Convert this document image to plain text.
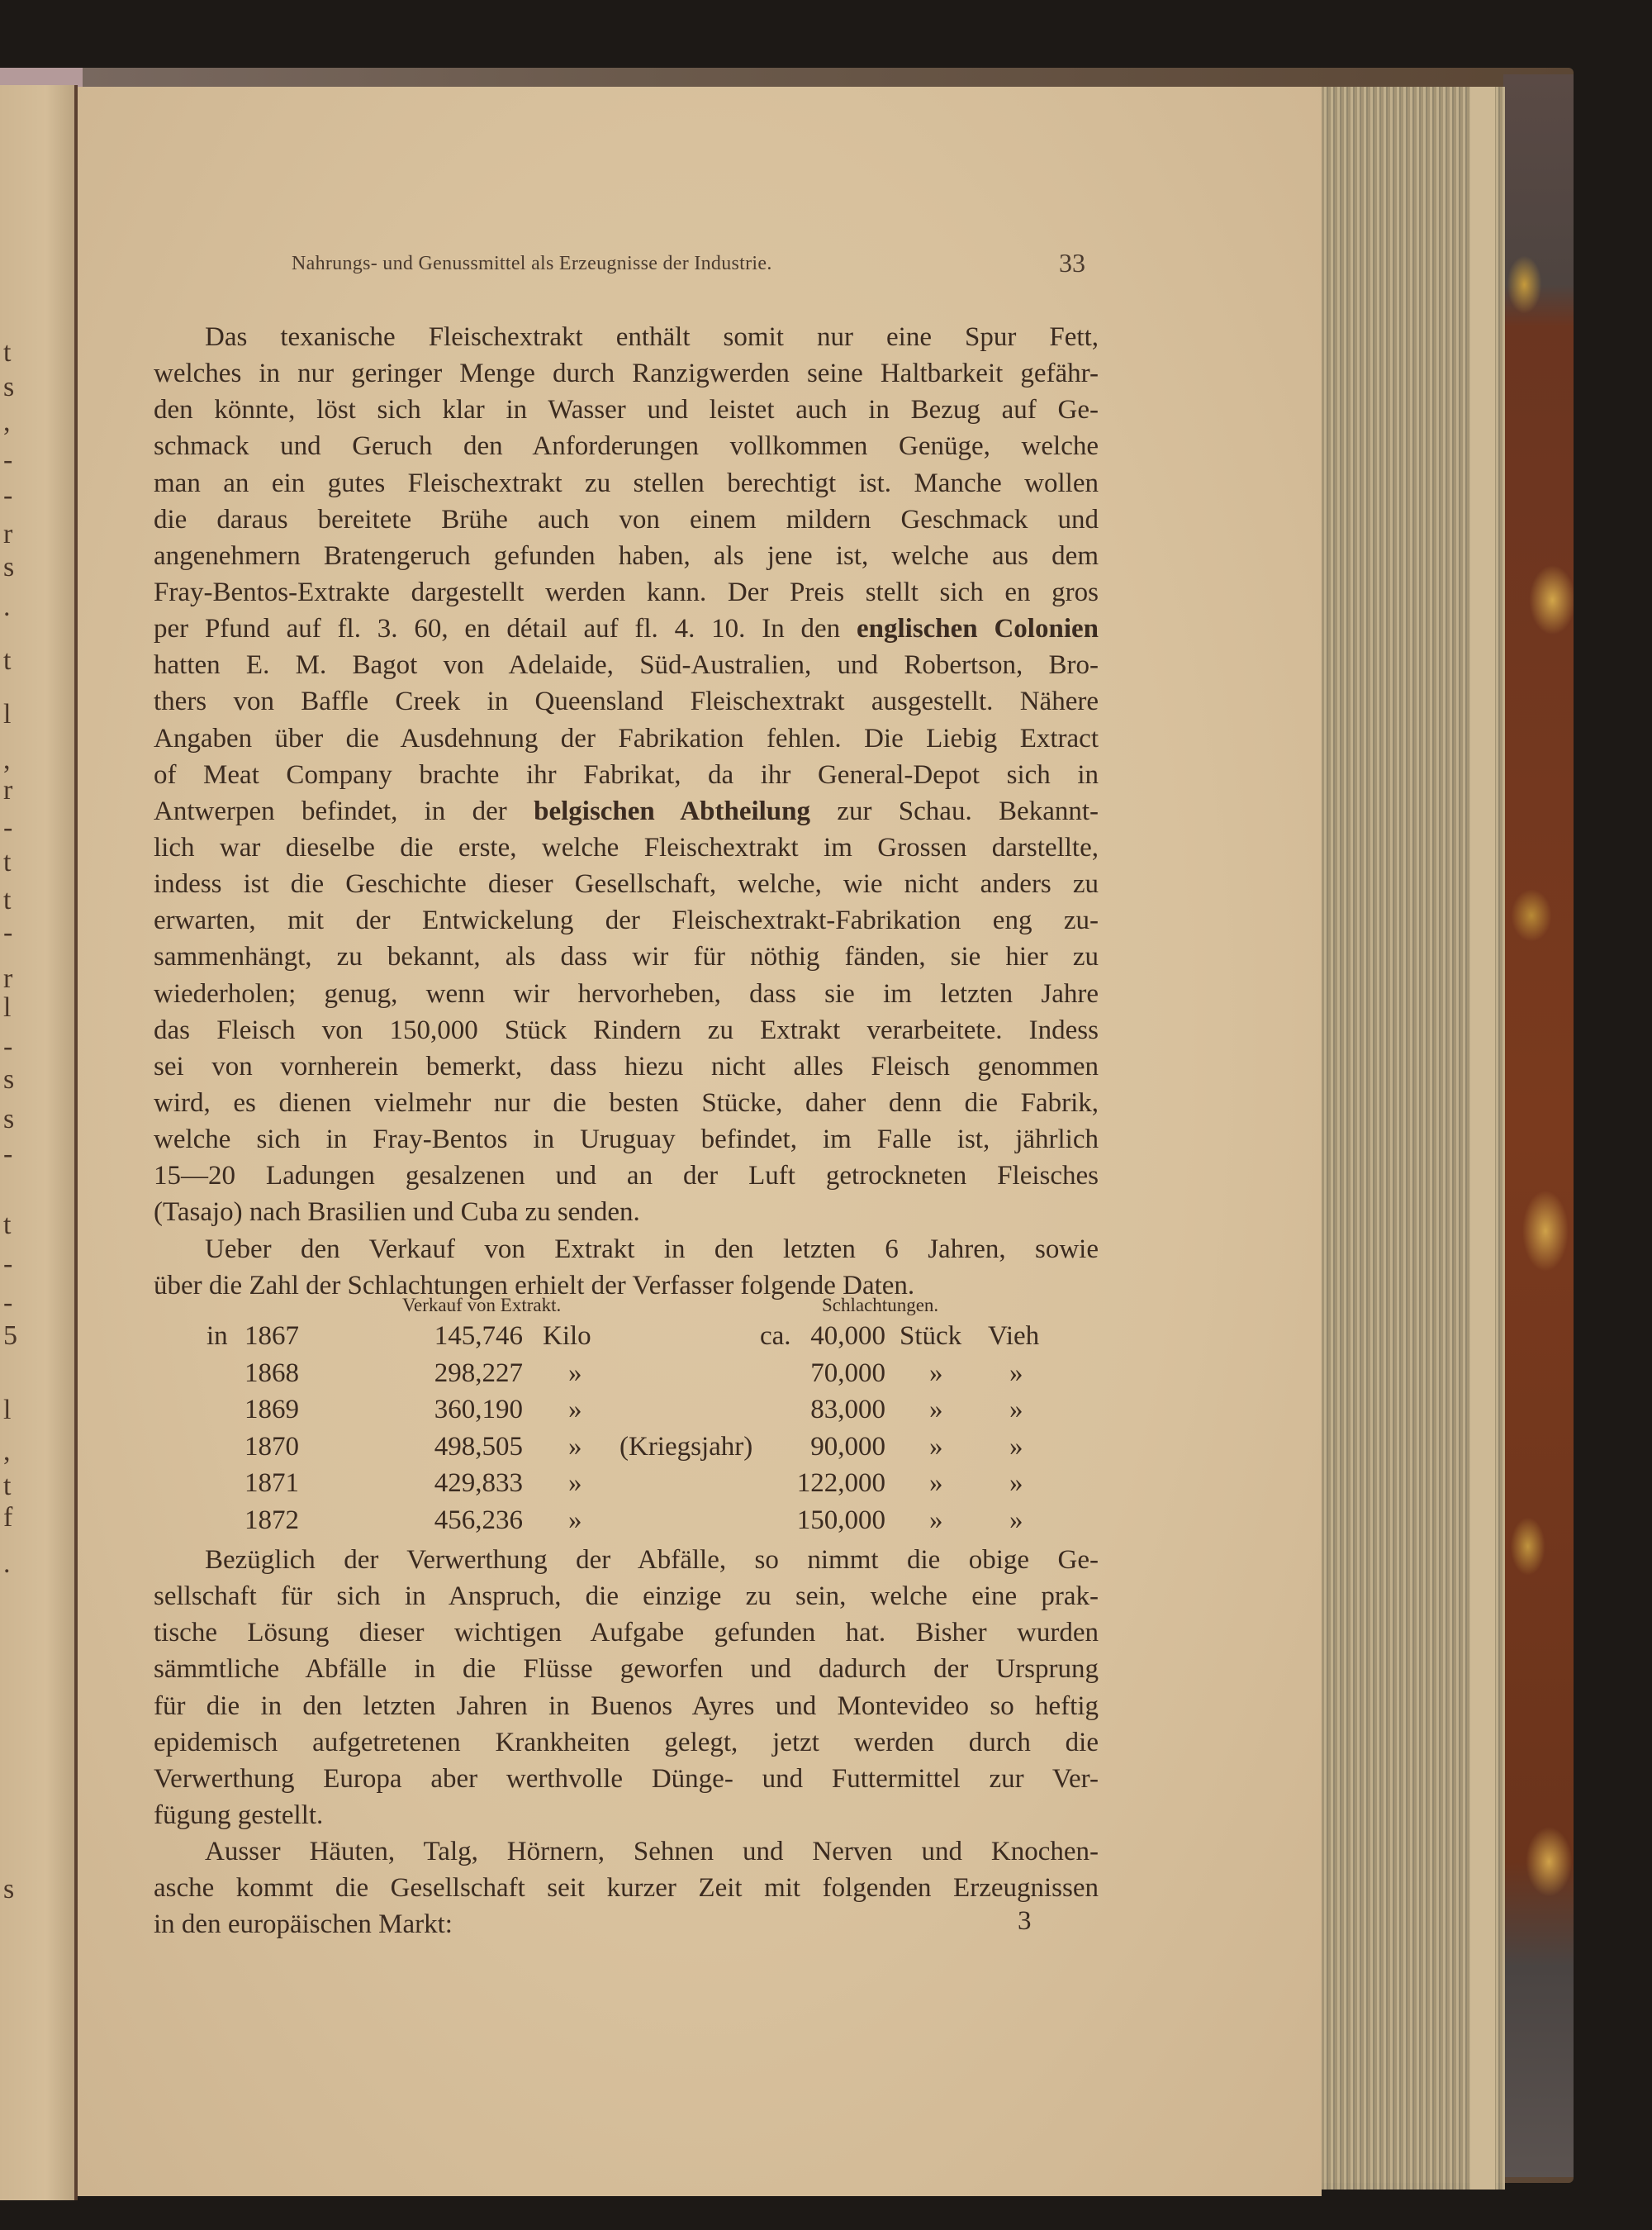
Nahrungs- und Genussmittel als Erzeugnisse der Industrie.	33
Das texanische Fleischextrakt enthält somit nur eine Spur Fett,
welches in nur geringer Menge durch Ranzigwerden seine Haltbarkeit gefähr-
den könnte, löst sich klar in Wasser und leistet auch in Bezug auf Ge-
schmack und Geruch den Anforderungen vollkommen Genüge, welche
man an ein gutes Fleischextrakt zu stellen berechtigt ist. Manche wollen
die daraus bereitete Brühe auch von einem mildern Geschmack und
angenehmern Bratengeruch gefunden haben, als jene ist, welche aus dem
Fray-Bentos-Extrakte dargestellt werden kann. Der Preis stellt sich en gros
per Pfund auf fl. 3. 60, en détail auf fl. 4. 10. In den englischen Colonien
hatten E. M. Bagot von Adelaide, Süd-Australien, und Robertson, Bro-
thers von Baffle Creek in Queensland Fleischextrakt ausgestellt. Nähere
Angaben über die Ausdehnung der Fabrikation fehlen. Die Liebig Extract
of Meat Company brachte ihr Fabrikat, da ihr General-Depot sich in
Antwerpen befindet, in der belgischen Abtheilung zur Schau. Bekannt-
lich war dieselbe die erste, welche Fleischextrakt im Grossen darstellte,
indess ist die Geschichte dieser Gesellschaft, welche, wie nicht anders zu
erwarten, mit der Entwickelung der Fleischextrakt-Fabrikation eng zu-
sammenhängt, zu bekannt, als dass wir für nöthig fänden, sie hier zu
wiederholen; genug, wenn wir hervorheben, dass sie im letzten Jahre
das Fleisch von 150,000 Stück Rindern zu Extrakt verarbeitete. Indess
sei von vornherein bemerkt, dass hiezu nicht alles Fleisch genommen
wird, es dienen vielmehr nur die besten Stücke, daher denn die Fabrik,
welche sich in Fray-Bentos in Uruguay befindet, im Falle ist, jährlich
15—20 Ladungen gesalzenen und an der Luft getrockneten Fleisches
(Tasajo) nach Brasilien und Cuba zu senden.
Ueber den Verkauf von Extrakt in den letzten 6 Jahren, sowie
über die Zahl der Schlachtungen erhielt der Verfasser folgende Daten.
Verkauf von Extrakt.	Schlachtungen.
in 1867	145,746 Kilo	ca. 40,000 Stück Vieh
1868	298,227 »	70,000 »	»
1869	360,190 »	83,000 »	»
1870	498,505 »	(Kriegsjahr)	90,000 »	»
1871	429,833 »	122,000 »	»
1872	456,236 »	150,000 »	»
Bezüglich der Verwerthung der Abfälle, so nimmt die obige Ge-
sellschaft für sich in Anspruch, die einzige zu sein, welche eine prak-
tische Lösung dieser wichtigen Aufgabe gefunden hat. Bisher wurden
sämmtliche Abfälle in die Flüsse geworfen und dadurch der Ursprung
für die in den letzten Jahren in Buenos Ayres und Montevideo so heftig
epidemisch aufgetretenen Krankheiten gelegt, jetzt werden durch die
Verwerthung Europa aber werthvolle Dünge- und Futtermittel zur Ver-
fügung gestellt.
Ausser Häuten, Talg, Hörnern, Sehnen und Nerven und Knochen-
asche kommt die Gesellschaft seit kurzer Zeit mit folgenden Erzeugnissen
in den europäischen Markt:	3
t
s
,
-
-
r
s
.
t
l
,
r
-
t
t
-
r
l
-
s
s
-
t
-
-
5
l
,
t
f
.
s
